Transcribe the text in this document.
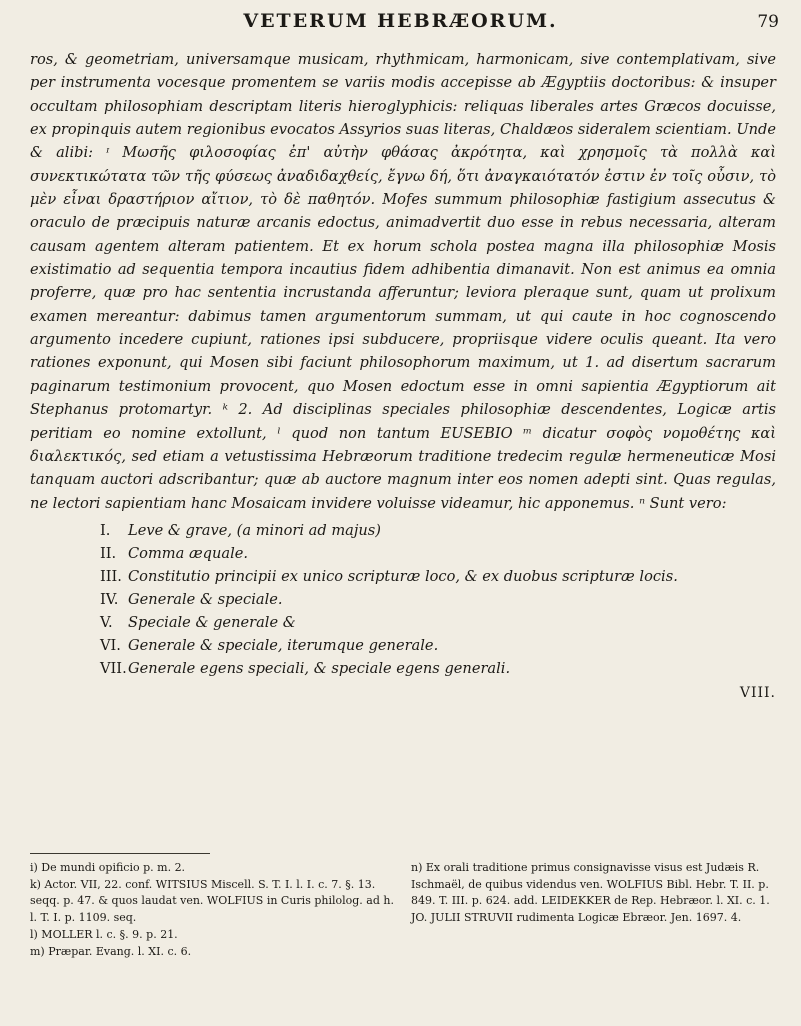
VETERUM HEBRÆORUM.	79

ros, & geometriam, universamque musicam, rhythmicam, harmonicam, sive contemplativam, sive per instrumenta vocesque promentem se variis modis accepisse ab Ægyptiis doctoribus: & insuper occultam philosophiam descriptam literis hieroglyphicis: reliquas liberales artes Græcos docuisse, ex propinquis autem regionibus evocatos Assyrios suas literas, Chaldæos sideralem scientiam. Unde & alibi: ᶦ Μωσῆς φιλοσοφίας ἐπ' αὐτὴν φθάσας ἀκρότητα, καὶ χρησμοῖς τὰ πολλὰ καὶ συνεκτικώτατα τῶν τῆς φύσεως ἀναδιδαχθείς, ἔγνω δή, ὅτι ἀναγκαιότατόν ἐστιν ἐν τοῖς οὖσιν, τὸ μὲν εἶναι δραστήριον αἴτιον, τὸ δὲ παθητόν. Mofes summum philosophiæ fastigium assecutus & oraculo de præcipuis naturæ arcanis edoctus, animadvertit duo esse in rebus necessaria, alteram causam agentem alteram patientem. Et ex horum schola postea magna illa philosophiæ Mosis existimatio ad sequentia tempora incautius fidem adhibentia dimanavit. Non est animus ea omnia proferre, quæ pro hac sententia incrustanda afferuntur; leviora pleraque sunt, quam ut prolixum examen mereantur: dabimus tamen argumentorum summam, ut qui caute in hoc cognoscendo argumento incedere cupiunt, rationes ipsi subducere, propriisque videre oculis queant. Ita vero rationes exponunt, qui Mosen sibi faciunt philosophorum maximum, ut 1. ad disertum sacrarum paginarum testimonium provocent, quo Mosen edoctum esse in omni sapientia Ægyptiorum ait Stephanus protomartyr. ᵏ 2. Ad disciplinas speciales philosophiæ descendentes, Logicæ artis peritiam eo nomine extollunt, ˡ quod non tantum EUSEBIO ᵐ dicatur σοφὸς νομοθέτης καὶ διαλεκτικός, sed etiam a vetustissima Hebræorum traditione tredecim regulæ hermeneuticæ Mosi tanquam auctori adscribantur; quæ ab auctore magnum inter eos nomen adepti sint. Quas regulas, ne lectori sapientiam hanc Mosaicam invidere voluisse videamur, hic apponemus. ⁿ Sunt vero:

I. Leve & grave, (a minori ad majus)
II. Comma æquale.
III. Constitutio principii ex unico scripturæ loco, & ex duobus scripturæ locis.
IV. Generale & speciale.
V. Speciale & generale &
VI. Generale & speciale, iterumque generale.
VII.Generale egens speciali, & speciale egens generali.
VIII.

i) De mundi opificio p. m. 2.

k) Actor. VII, 22. conf. WITSIUS Miscell. S. T. I. l. I. c. 7. §. 13. seqq. p. 47. & quos laudat ven. WOLFIUS in Curis philolog. ad h. l. T. I. p. 1109. seq.

l) MOLLER l. c. §. 9. p. 21.

m) Præpar. Evang. l. XI. c. 6.

n) Ex orali traditione primus consignavisse visus est Judæis R. Ischmaël, de quibus videndus ven. WOLFIUS Bibl. Hebr. T. II. p. 849. T. III. p. 624. add. LEIDEKKER de Rep. Hebræor. l. XI. c. 1. JO. JULII STRUVII rudimenta Logicæ Ebræor. Jen. 1697. 4.
